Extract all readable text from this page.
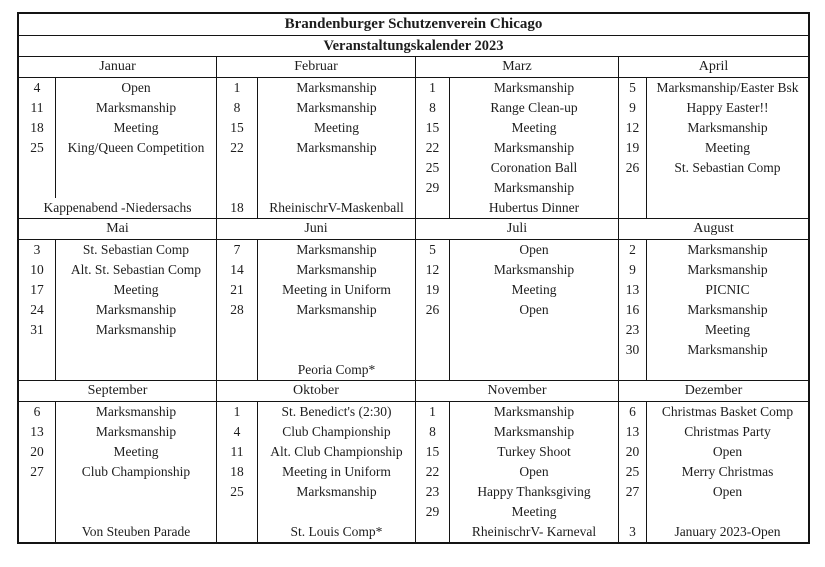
Brandenburger Schutzenverein Chicago
Veranstaltungskalender 2023
Januar
4	Open
11	Marksmanship
18	Meeting
25	King/Queen Competition
Kappenabend -Niedersachs
Februar
1	Marksmanship
8	Marksmanship
15	Meeting
22	Marksmanship
18	RheinischrV-Maskenball
Marz
1	Marksmanship
8	Range Clean-up
15	Meeting
22	Marksmanship
25	Coronation Ball
29	Marksmanship
Hubertus Dinner
April
5	Marksmanship/Easter Bsk
9	Happy Easter!!
12	Marksmanship
19	Meeting
26	St. Sebastian Comp
Mai
3	St. Sebastian Comp
10	Alt. St. Sebastian Comp
17	Meeting
24	Marksmanship
31	Marksmanship
Juni
7	Marksmanship
14	Marksmanship
21	Meeting in Uniform
28	Marksmanship
Peoria Comp*
Juli
5	Open
12	Marksmanship
19	Meeting
26	Open
August
2	Marksmanship
9	Marksmanship
13	PICNIC
16	Marksmanship
23	Meeting
30	Marksmanship
September
6	Marksmanship
13	Marksmanship
20	Meeting
27	Club Championship
Von Steuben Parade
Oktober
1	St. Benedict's (2:30)
4	Club Championship
11	Alt. Club Championship
18	Meeting in Uniform
25	Marksmanship
St. Louis Comp*
November
1	Marksmanship
8	Marksmanship
15	Turkey Shoot
22	Open
23	Happy Thanksgiving
29	Meeting
RheinischrV- Karneval
Dezember
6	Christmas Basket Comp
13	Christmas Party
20	Open
25	Merry Christmas
27	Open
3	January 2023-Open
